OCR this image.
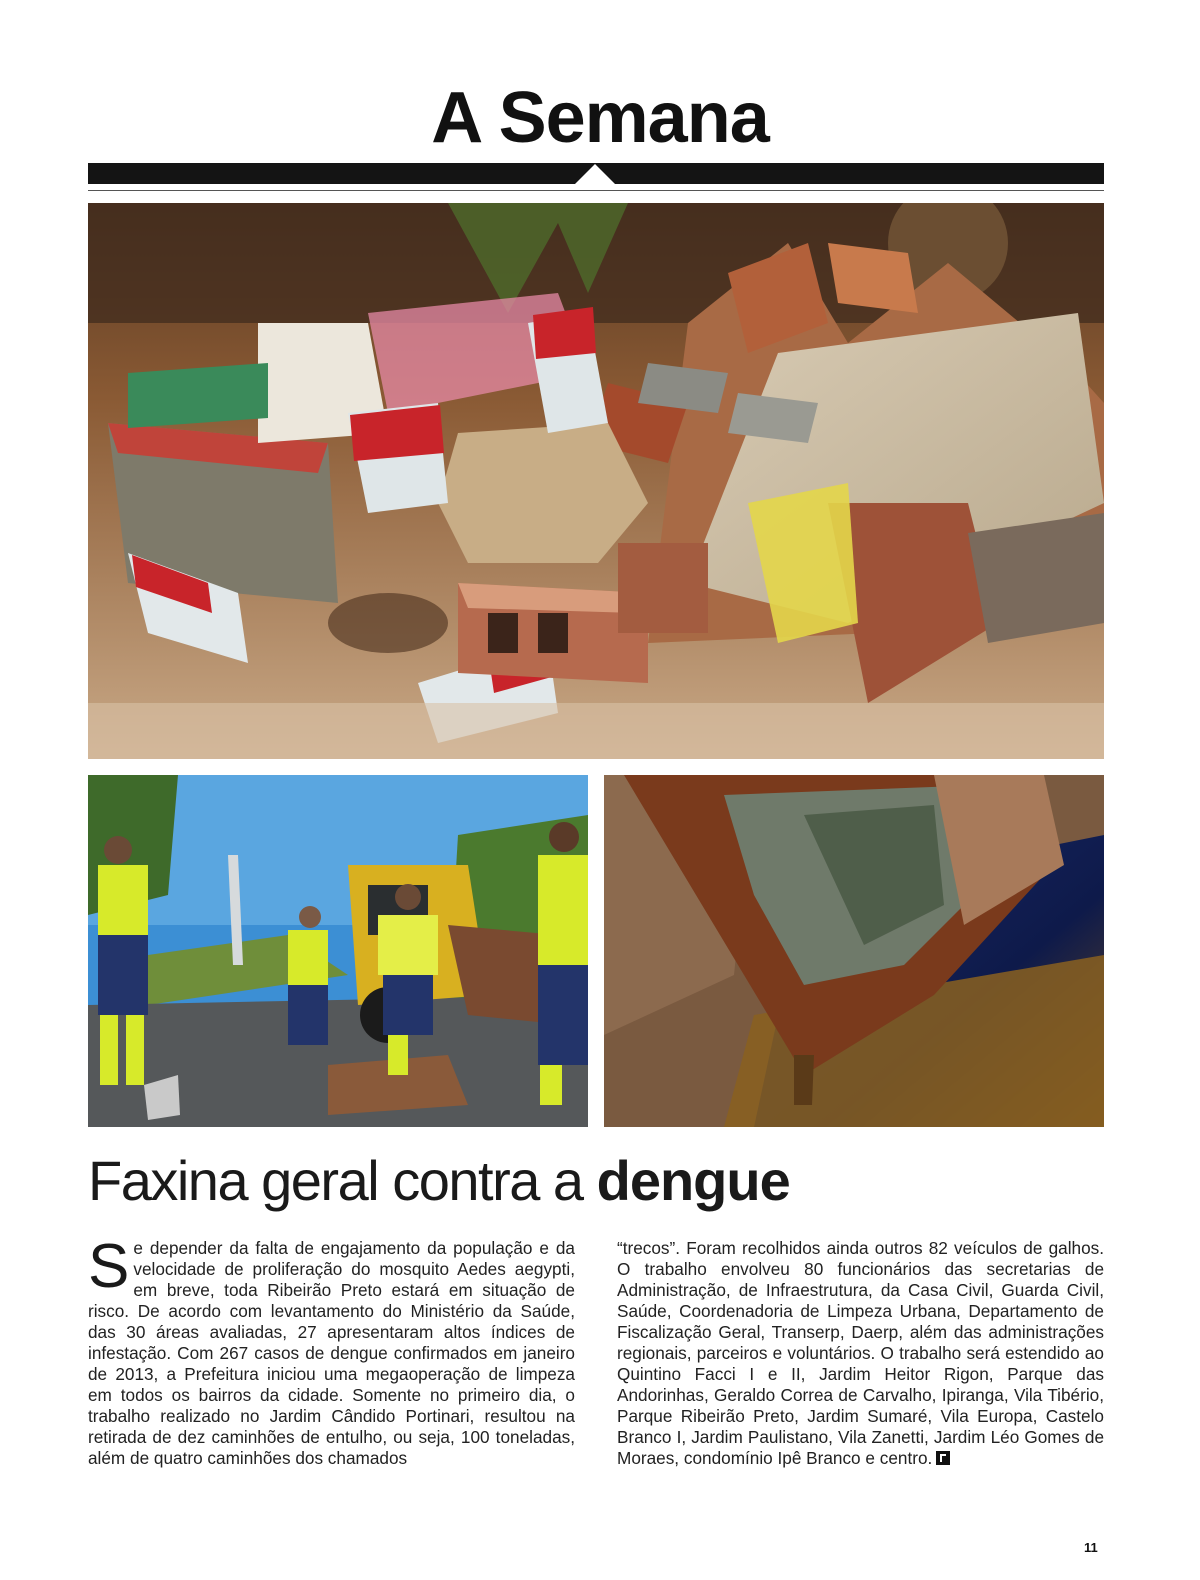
A Semana
Faxina geral contra a dengue
Se depender da falta de engajamento da população e da velocidade de proliferação do mosquito Aedes aegypti, em breve, toda Ribeirão Preto estará em situação de risco. De acordo com levantamento do Ministério da Saúde, das 30 áreas avaliadas, 27 apresentaram altos índices de infestação. Com 267 casos de dengue confirmados em janeiro de 2013, a Prefeitura iniciou uma megaoperação de limpeza em todos os bairros da cidade. Somente no primeiro dia, o trabalho realizado no Jardim Cândido Portinari, resultou na retirada de dez caminhões de entulho, ou seja, 100 toneladas, além de quatro caminhões dos chamados
“trecos”. Foram recolhidos ainda outros 82 veículos de galhos. O trabalho envolveu 80 funcionários das secretarias de Administração, de Infraestrutura, da Casa Civil, Guarda Civil, Saúde, Coordenadoria de Limpeza Urbana, Departamento de Fiscalização Geral, Transerp, Daerp, além das administrações regionais, parceiros e voluntários. O trabalho será estendido ao Quintino Facci I e II, Jardim Heitor Rigon, Parque das Andorinhas, Geraldo Correa de Carvalho, Ipiranga, Vila Tibério, Parque Ribeirão Preto, Jardim Sumaré, Vila Europa, Castelo Branco I, Jardim Paulistano, Vila Zanetti, Jardim Léo Gomes de Moraes, condomínio Ipê Branco e centro.
11
